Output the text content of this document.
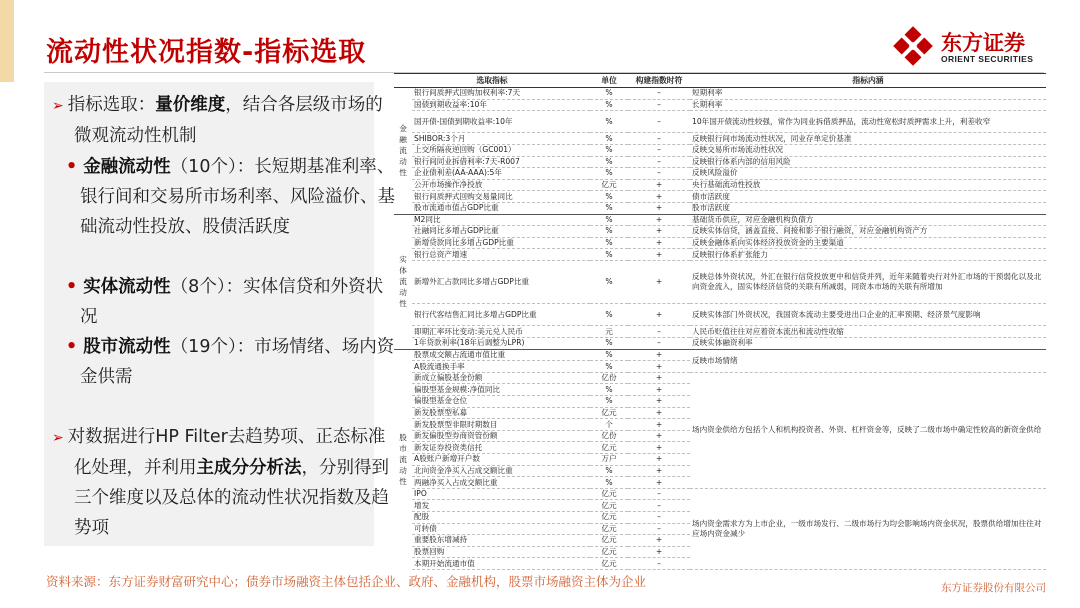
流动性状况指数-指标选取	东方证券
ORIENT SECURITIES
➢ 指标选取：量价维度，结合各层级市场的微观流动性机制
• 金融流动性（10个）：长短期基准利率、银行间和交易所市场利率、风险溢价、基础流动性投放、股债活跃度
• 实体流动性（8个）：实体信贷和外资状况
• 股市流动性（19个）：市场情绪、场内资金供需
➢ 对数据进行HP Filter去趋势项、正态标准化处理，并利用主成分分析法，分别得到三个维度以及总体的流动性状况指数及趋势项
选取指标		单位	构建指数时符	指标内涵
金
融
流
动
性	银行间质押式回购加权利率:7天	%	–	短期利率
	国债到期收益率:10年	%	–	长期利率
	国开债-国债到期收益率:10年	%	–	10年国开债流动性较强，常作为同业拆借质押品，流动性宽松时质押需求上升，利差收窄
	SHIBOR:3个月	%	–	反映银行间市场流动性状况，同业存单定价基准
	上交所隔夜逆回购（GC001）	%	–	反映交易所市场流动性状况
	银行间同业拆借利率:7天-R007	%	–	反映银行体系内部的信用风险
	企业债利差(AA-AAA):5年	%	–	反映风险溢价
	公开市场操作净投放	亿元	+	央行基础流动性投放
	银行间质押式回购交易量同比	%	+	债市活跃度
	股市流通市值占GDP比重	%	+	股市活跃度
实
体
流
动
性	M2同比	%	+	基础货币供应，对应金融机构负债方
	社融同比多增占GDP比重	%	+	反映实体信贷，涵盖直接、间接和影子银行融资，对应金融机构资产方
	新增贷款同比多增占GDP比重	%	+	反映金融体系向实体经济投放资金的主要渠道
	银行总资产增速	%	+	反映银行体系扩张能力
	新增外汇占款同比多增占GDP比重	%	+	反映总体外资状况，外汇在银行信贷投放更中和信贷并列，近年来随着央行对外汇市场的干预弱化以及北向资金流入，固实体经济信贷的关联有所减弱，同资本市场的关联有所增加
	银行代客结售汇同比多增占GDP比重	%	+	反映实体部门外资状况，我国资本流动主要受进出口企业的汇率预期、经济景气度影响
	即期汇率环比变动:美元兑人民币	元	–	人民币贬值往往对应着资本流出和流动性收缩
	1年贷款利率(18年后调整为LPR)	%	–	反映实体融资利率
股
市
流
动
性	股票成交额占流通市值比重	%	+	反映市场情绪
	A股流通换手率	%	+	
	新成立偏股基金份额	亿份	+	场内资金供给方包括个人和机构投资者、外资、杠杆资金等，反映了二级市场中确定性较高的新资金供给
	偏股型基金规模:净值同比	%	+	
	偏股型基金仓位	%	+	
	新发股票型私募	亿元	+	
	新发股票型非限时期数目	个	+	
	新发偏股型券商资管份额	亿份	+	
	新发证券投资类信托	亿元	+	
	A股账户新增开户数	万户	+	
	北向资金净买入占成交额比重	%	+	
	两融净买入占成交额比重	%	+	
	IPO	亿元	–	场内资金需求方为上市企业，一级市场发行、二级市场行为均会影响场内资金状况，股票供给增加往往对应场内资金减少
	增发	亿元	–	
	配股	亿元	–	
	可转债	亿元	–	
	重要股东增减持	亿元	+	
	股票回购	亿元	+	
	本期开始流通市值	亿元	–	
资料来源：东方证券财富研究中心；债券市场融资主体包括企业、政府、金融机构，股票市场融资主体为企业	东方证券股份有限公司
